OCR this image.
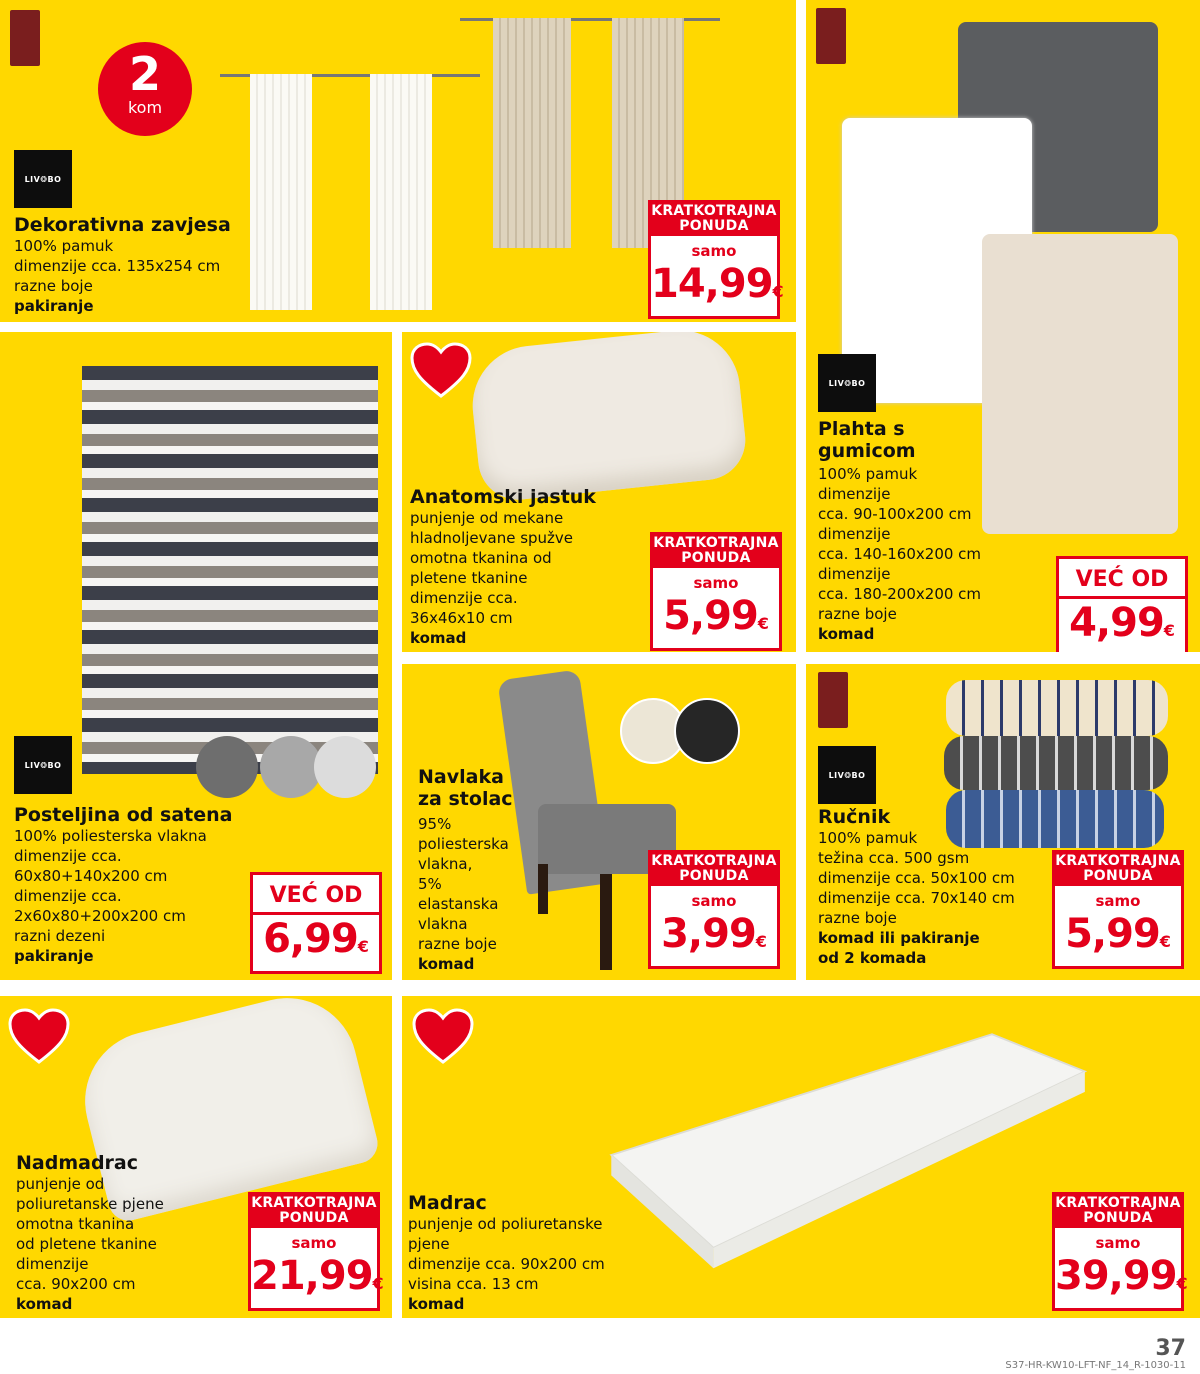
2
kom
LIV❂BO
Dekorativna zavjesa
100% pamuk
dimenzije cca. 135x254 cm
razne boje
pakiranje
KRATKOTRAJNA
PONUDA
samo
14,99€
LIV❂BO
Plahta s
gumicom
100% pamuk
dimenzije
cca. 90-100x200 cm
dimenzije
cca. 140-160x200 cm
dimenzije
cca. 180-200x200 cm
razne boje
komad
VEĆ OD
4,99€
LIV❂BO
Posteljina od satena
100% poliesterska vlakna
dimenzije cca.
60x80+140x200 cm
dimenzije cca.
2x60x80+200x200 cm
razni dezeni
pakiranje
VEĆ OD
6,99€
Anatomski jastuk
punjenje od mekane
hladnoljevane spužve
omotna tkanina od
pletene tkanine
dimenzije cca.
36x46x10 cm
komad
KRATKOTRAJNA
PONUDA
samo
5,99€
Navlaka
za stolac
95%
poliesterska
vlakna,
5%
elastanska
vlakna
razne boje
komad
KRATKOTRAJNA
PONUDA
samo
3,99€
LIV❂BO
Ručnik
100% pamuk
težina cca. 500 gsm
dimenzije cca. 50x100 cm
dimenzije cca. 70x140 cm
razne boje
komad ili pakiranje
od 2 komada
KRATKOTRAJNA
PONUDA
samo
5,99€
Nadmadrac
punjenje od
poliuretanske pjene
omotna tkanina
od pletene tkanine
dimenzije
cca. 90x200 cm
komad
KRATKOTRAJNA
PONUDA
samo
21,99€
Madrac
punjenje od poliuretanske
pjene
dimenzije cca. 90x200 cm
visina cca. 13 cm
komad
KRATKOTRAJNA
PONUDA
samo
39,99€
37
S37-HR-KW10-LFT-NF_14_R-1030-11
